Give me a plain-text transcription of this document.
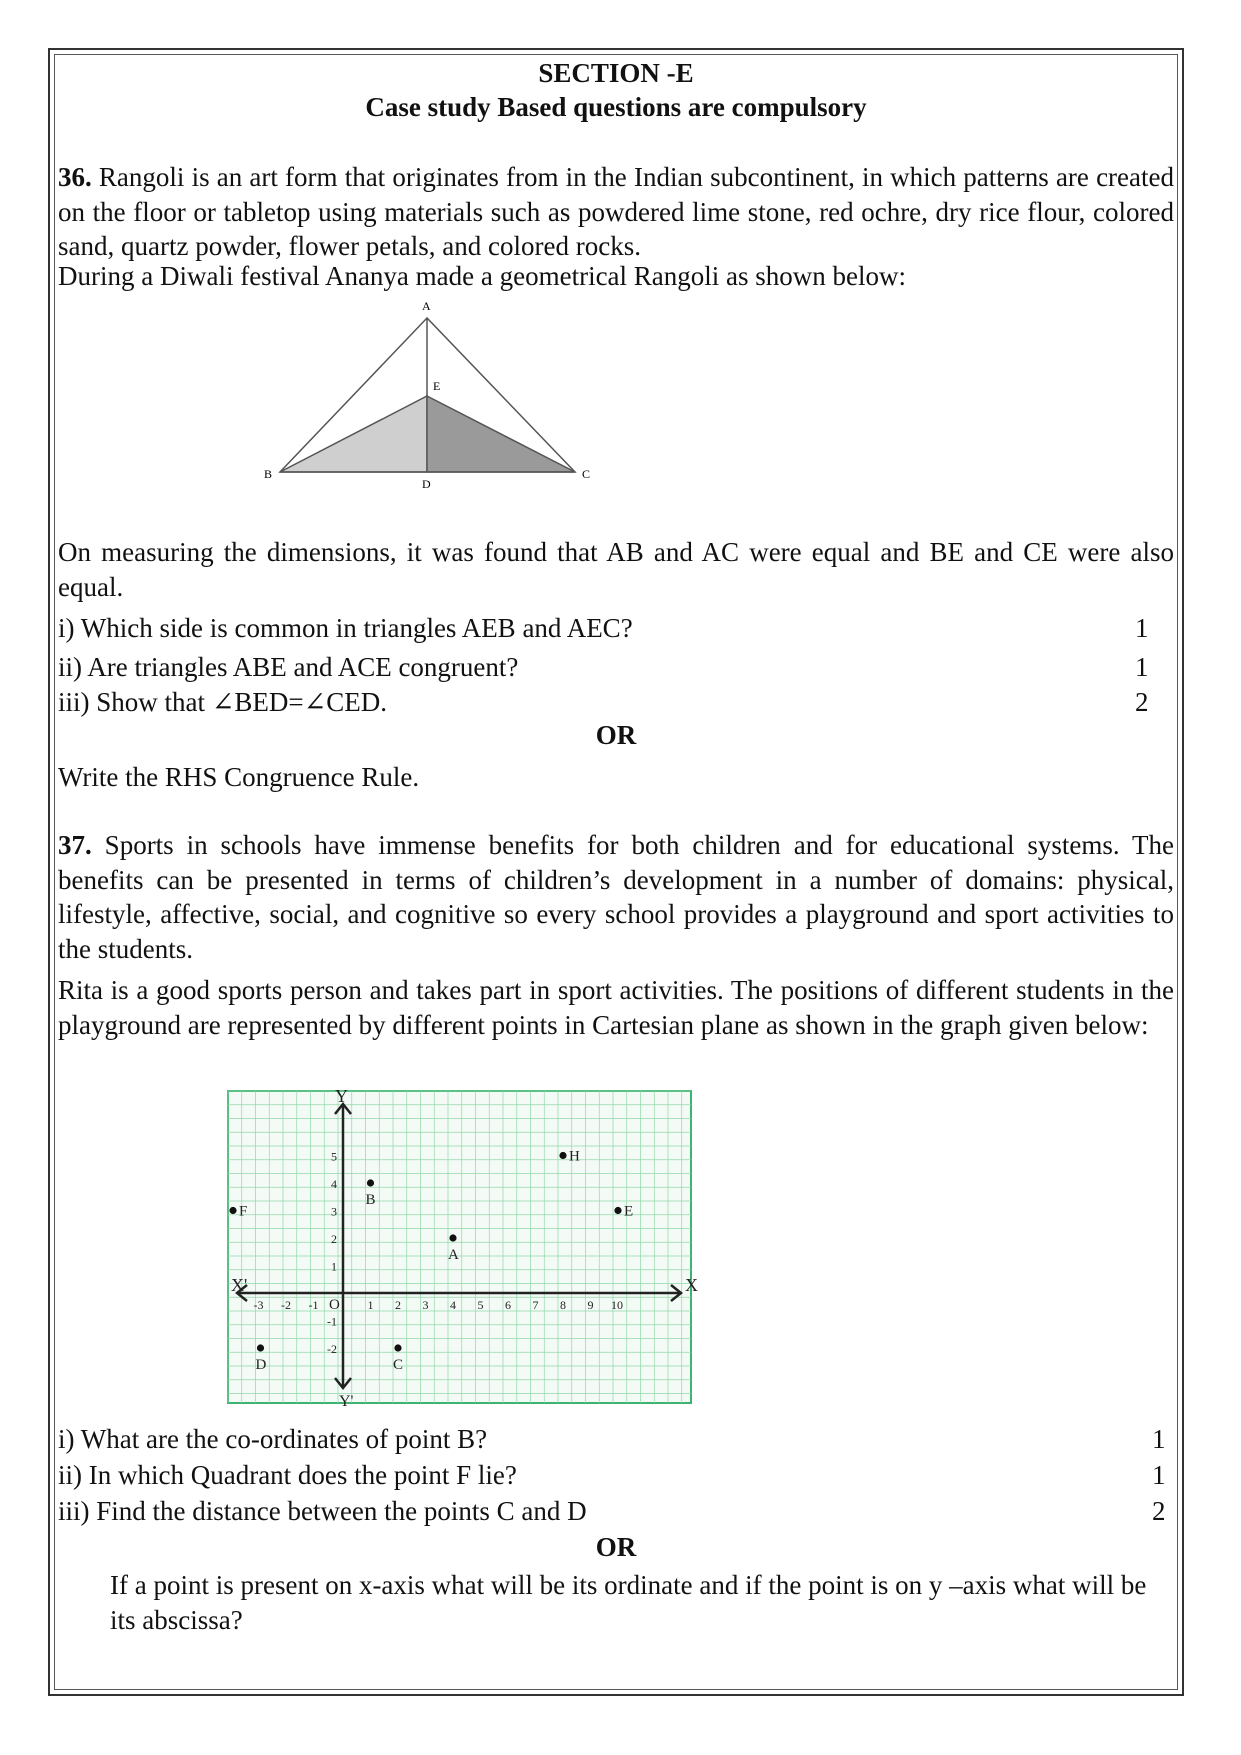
SECTION -E
Case study Based questions are compulsory

36. Rangoli is an art form that originates from in the Indian subcontinent, in which patterns are created on the floor or tabletop using materials such as powdered lime stone, red ochre, dry rice flour, colored sand, quartz powder, flower petals, and colored rocks.

During a Diwali festival Ananya made a geometrical Rangoli as shown below:
A
E
B	C
D

On measuring the dimensions, it was found that AB and AC were equal and BE and CE were also equal.

i) Which side is common in triangles AEB and AEC?	1
ii) Are triangles ABE and ACE congruent?	1
iii) Show that ∠BED=∠CED.	2
OR
Write the RHS Congruence Rule.

37. Sports in schools have immense benefits for both children and for educational systems. The benefits can be presented in terms of children’s development in a number of domains: physical, lifestyle, affective, social, and cognitive so every school provides a playground and sport activities to the students.

Rita is a good sports person and takes part in sport activities. The positions of different students in the playground are represented by different points in Cartesian plane as shown in the graph given below:

X
X'
Y
Y'
O
-3 -2 -1	1 2 3 4 5 6 7 8 9 10
5
4
3
2
1
-1
-2
A
B
C
D
E
F
H
i) What are the co-ordinates of point B?	1
ii) In which Quadrant does the point F lie?	1
iii) Find the distance between the points C and D	2
OR

If a point is present on x-axis what will be its ordinate and if the point is on y –axis what will be its abscissa?
